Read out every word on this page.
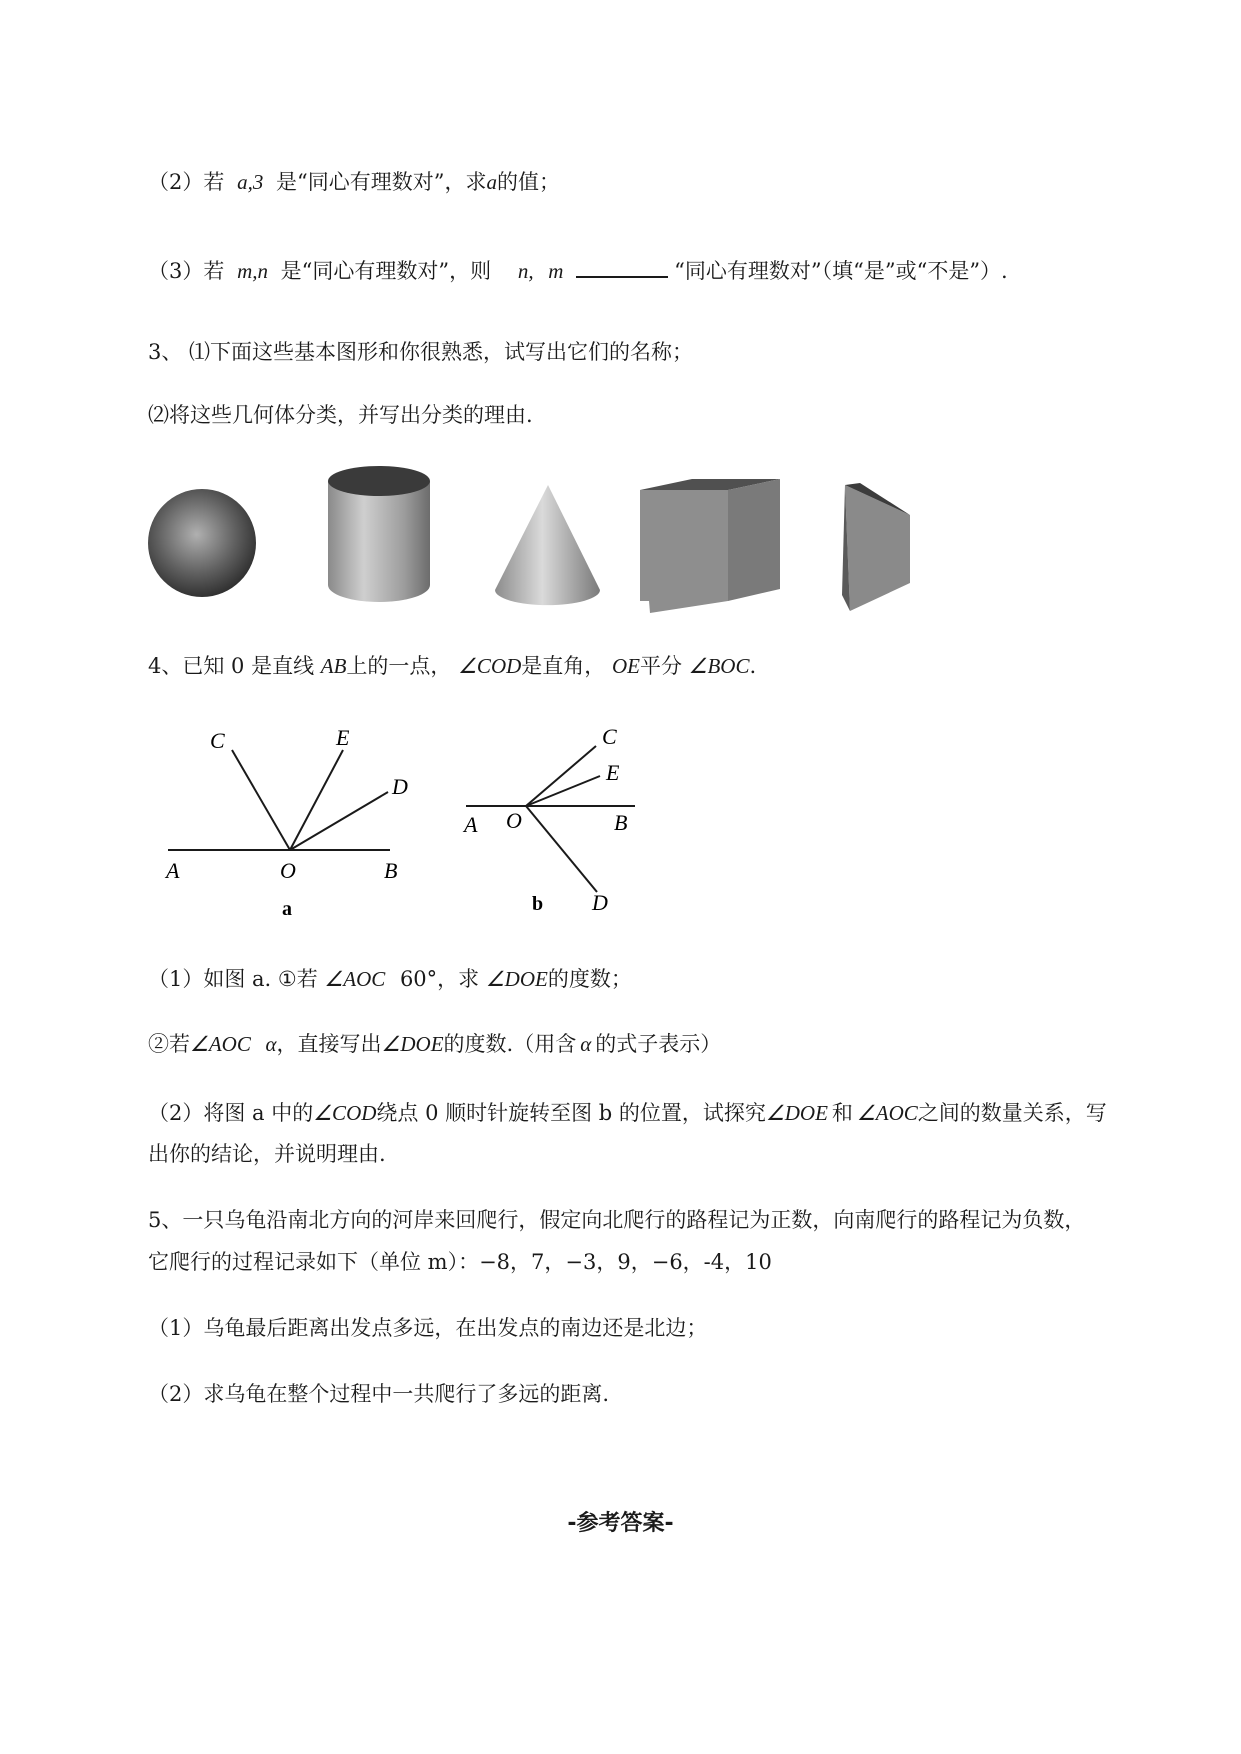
（2）若 a,3 是“同心有理数对”，求a的值；
（3）若 m,n 是“同心有理数对”，则 n, m	“同心有理数对”（填“是”或“不是”）.
3、 ⑴下面这些基本图形和你很熟悉，试写出它们的名称；
⑵将这些几何体分类，并写出分类的理由.
4、已知 0 是直线 AB上的一点， ∠COD是直角， OE平分 ∠BOC.
C	E
D
A	O	B
a
C
E
A O	B
D
b
（1）如图 a. ①若 ∠AOC 60°，求 ∠DOE的度数；
②若∠AOC α，直接写出∠DOE的度数.（用含 α 的式子表示）
（2）将图 a 中的∠COD绕点 0 顺时针旋转至图 b 的位置，试探究∠DOE 和 ∠AOC之间的数量关系，写
出你的结论，并说明理由.
5、一只乌龟沿南北方向的河岸来回爬行，假定向北爬行的路程记为正数，向南爬行的路程记为负数，
它爬行的过程记录如下（单位 m）：−8，7，−3，9，−6，-4，10
（1）乌龟最后距离出发点多远，在出发点的南边还是北边；
（2）求乌龟在整个过程中一共爬行了多远的距离.
-参考答案-
